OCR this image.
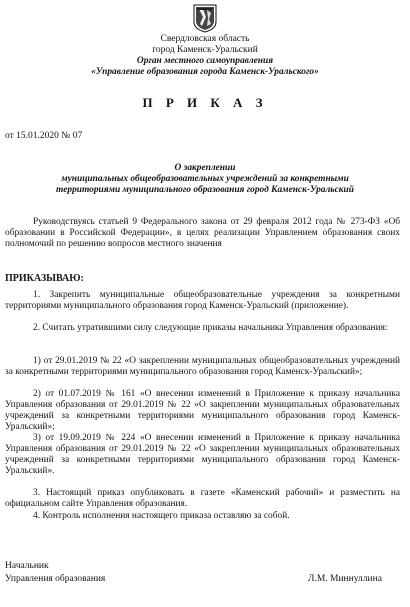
Свердловская область
город Каменск-Уральский
Орган местного самоуправления
«Управление образования города Каменск-Уральского»
П Р И К А З
от 15.01.2020 № 07
О закреплении
муниципальных общеобразовательных учреждений за конкретными
территориями муниципального образования город Каменск-Уральский
Руководствуясь статьей 9 Федерального закона от 29 февраля 2012 года № 273-ФЗ «Об образовании в Российской Федерации», в целях реализации Управлением образования своих полномочий по решению вопросов местного значения
ПРИКАЗЫВАЮ:
1. Закрепить муниципальные общеобразовательные учреждения за конкретными территориями муниципального образования город Каменск-Уральский (приложение).
2. Считать утратившими силу следующие приказы начальника Управления образования:
1) от 29.01.2019 № 22 «О закреплении муниципальных общеобразовательных учреждений за конкретными территориями муниципального образования город Каменск-Уральский»;
2) от 01.07.2019 № 161 «О внесении изменений в Приложение к приказу начальника Управления образования от 29.01.2019 № 22 «О закреплении муниципальных образовательных учреждений за конкретными территориями муниципального образования город Каменск-Уральский»;
3) от 19.09.2019 № 224 «О внесении изменений в Приложение к приказу начальника Управления образования от 29.01.2019 № 22 «О закреплении муниципальных образовательных учреждений за конкретными территориями муниципального образования город Каменск-Уральский».
3. Настоящий приказ опубликовать в газете «Каменский рабочий» и разместить на официальном сайте Управления образования.
4. Контроль исполнения настоящего приказа оставляю за собой.
Начальник
Управления образования	Л.М. Миннуллина
